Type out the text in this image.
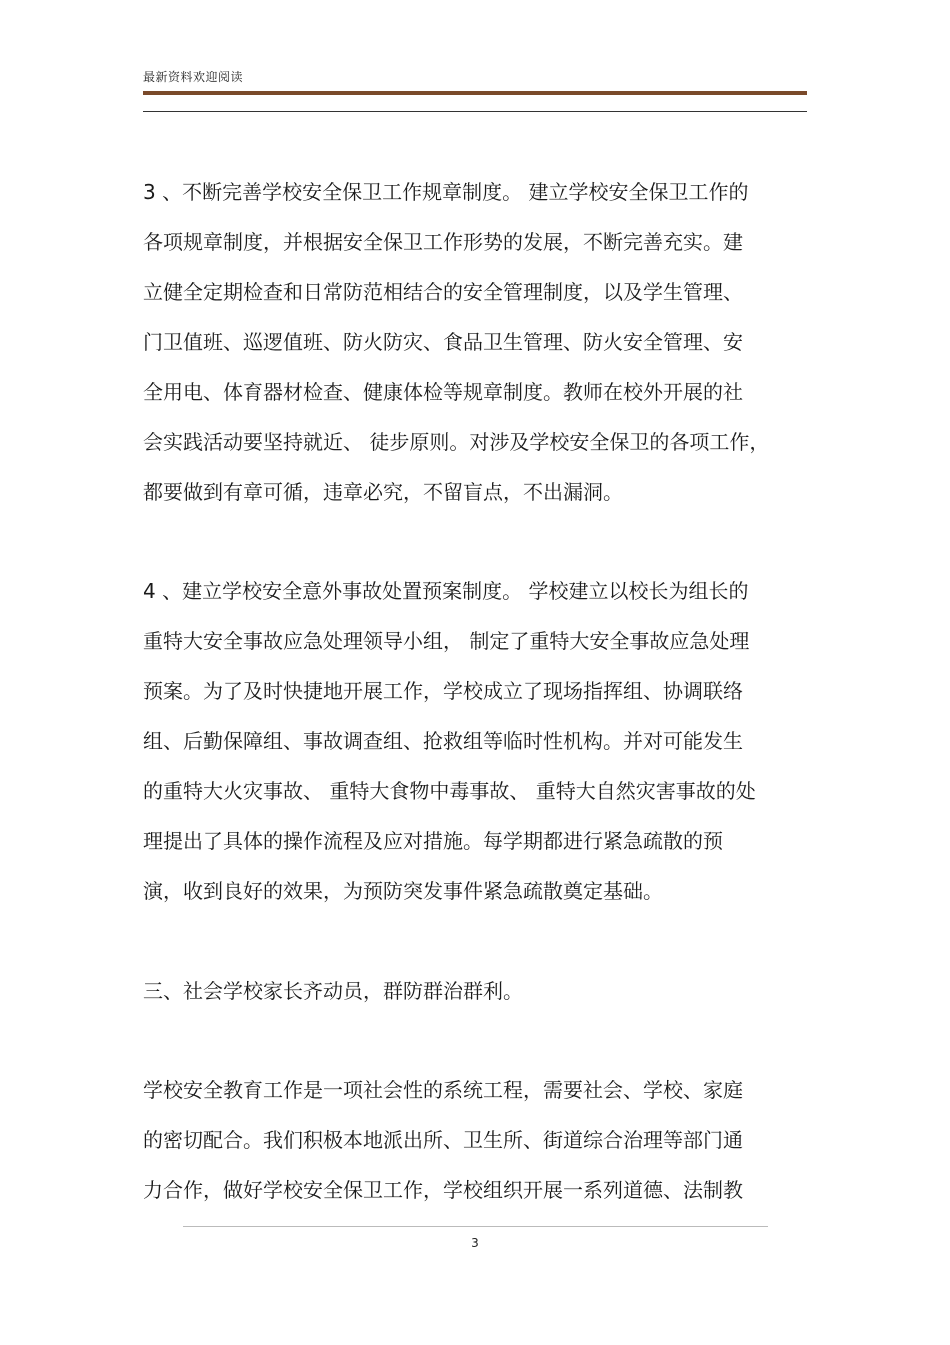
最新资料欢迎阅读
3 、不断完善学校安全保卫工作规章制度。 建立学校安全保卫工作的
各项规章制度，并根据安全保卫工作形势的发展，不断完善充实。建
立健全定期检查和日常防范相结合的安全管理制度，以及学生管理、
门卫值班、巡逻值班、防火防灾、食品卫生管理、防火安全管理、安
全用电、体育器材检查、健康体检等规章制度。教师在校外开展的社
会实践活动要坚持就近、 徒步原则。对涉及学校安全保卫的各项工作，
都要做到有章可循，违章必究，不留盲点，不出漏洞。
4 、建立学校安全意外事故处置预案制度。 学校建立以校长为组长的
重特大安全事故应急处理领导小组， 制定了重特大安全事故应急处理
预案。为了及时快捷地开展工作，学校成立了现场指挥组、协调联络
组、后勤保障组、事故调查组、抢救组等临时性机构。并对可能发生
的重特大火灾事故、 重特大食物中毒事故、 重特大自然灾害事故的处
理提出了具体的操作流程及应对措施。每学期都进行紧急疏散的预
演，收到良好的效果，为预防突发事件紧急疏散奠定基础。
三、社会学校家长齐动员，群防群治群利。
学校安全教育工作是一项社会性的系统工程，需要社会、学校、家庭
的密切配合。我们积极本地派出所、卫生所、街道综合治理等部门通
力合作，做好学校安全保卫工作，学校组织开展一系列道德、法制教
3
